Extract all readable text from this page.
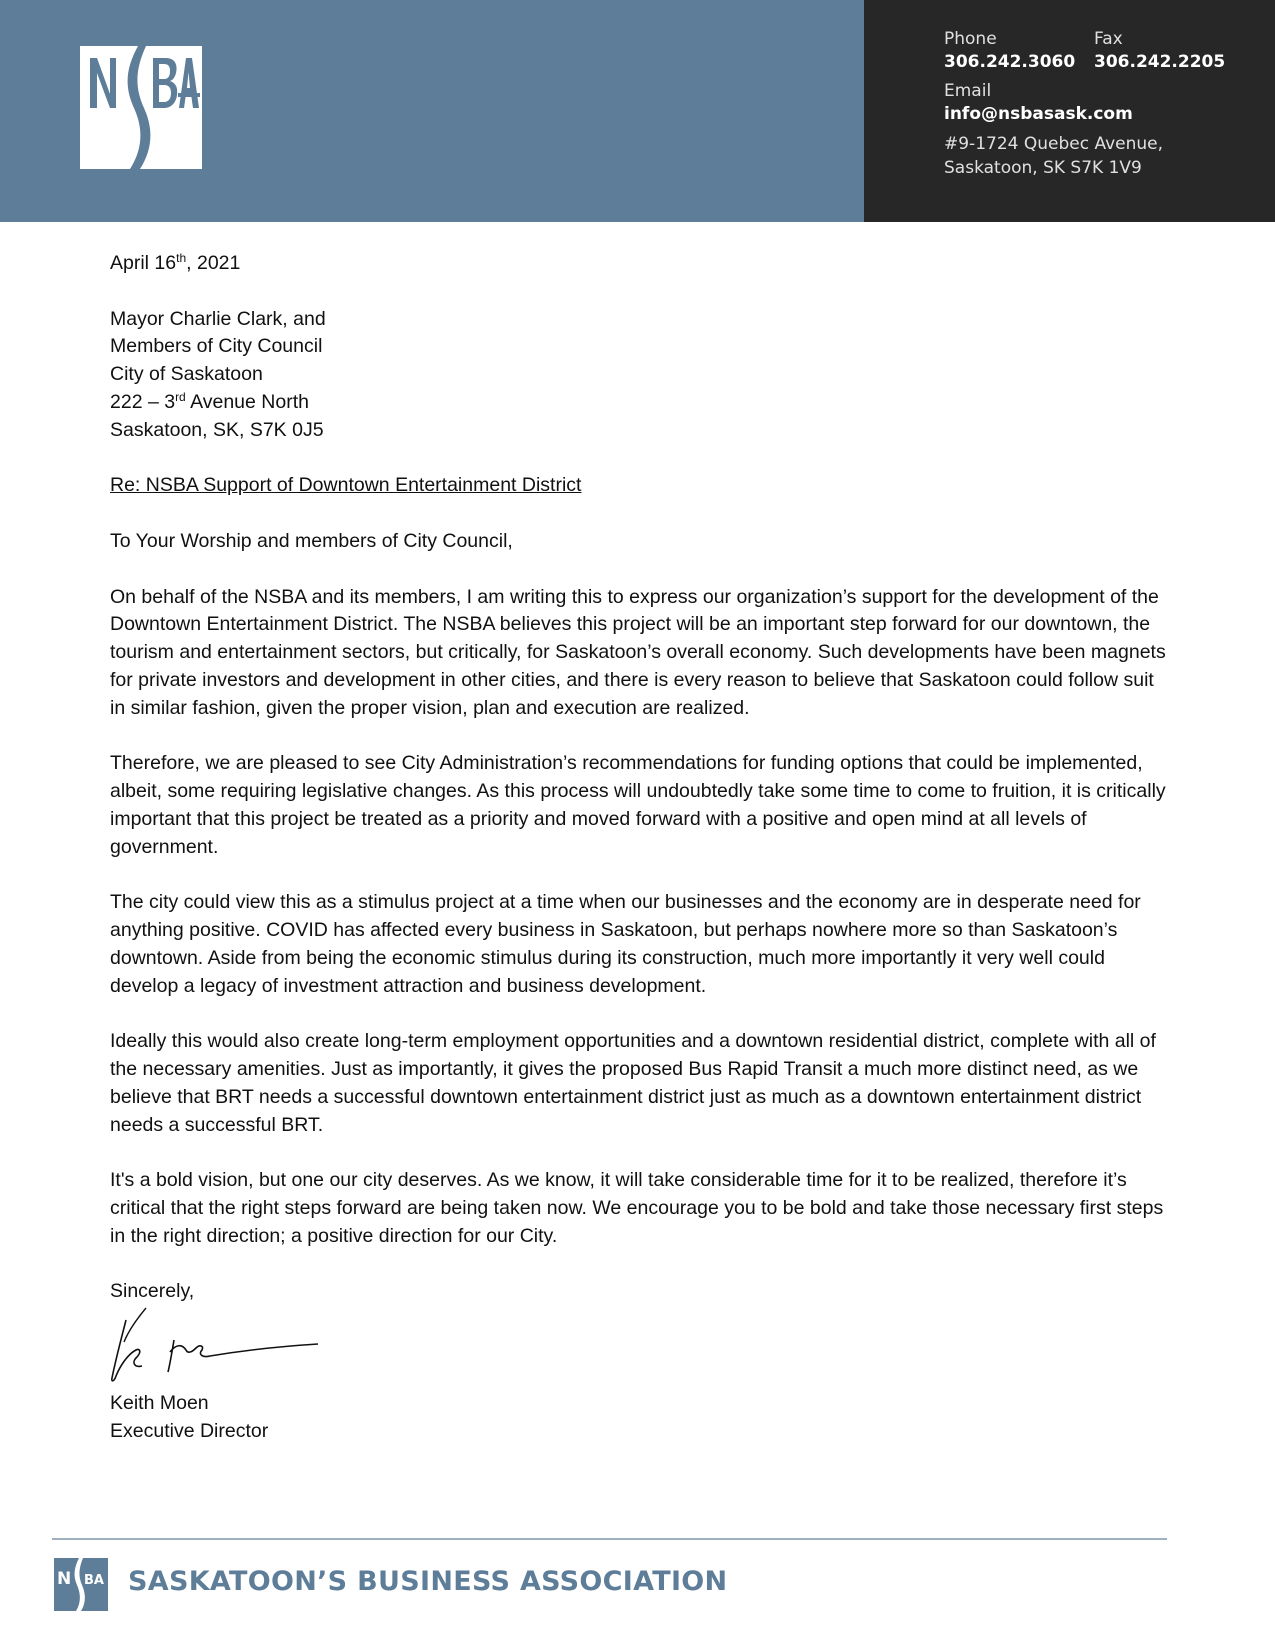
Phone
306.242.3060
Fax
306.242.2205
Email
info@nsbasask.com
#9-1724 Quebec Avenue,
Saskatoon, SK S7K 1V9

April 16th, 2021

Mayor Charlie Clark, and
Members of City Council
City of Saskatoon
222 – 3rd Avenue North
Saskatoon, SK, S7K 0J5

Re: NSBA Support of Downtown Entertainment District

To Your Worship and members of City Council,

On behalf of the NSBA and its members, I am writing this to express our organization’s support for the development of the Downtown Entertainment District. The NSBA believes this project will be an important step forward for our downtown, the tourism and entertainment sectors, but critically, for Saskatoon’s overall economy. Such developments have been magnets for private investors and development in other cities, and there is every reason to believe that Saskatoon could follow suit in similar fashion, given the proper vision, plan and execution are realized.

Therefore, we are pleased to see City Administration’s recommendations for funding options that could be implemented, albeit, some requiring legislative changes. As this process will undoubtedly take some time to come to fruition, it is critically important that this project be treated as a priority and moved forward with a positive and open mind at all levels of government.

The city could view this as a stimulus project at a time when our businesses and the economy are in desperate need for anything positive. COVID has affected every business in Saskatoon, but perhaps nowhere more so than Saskatoon’s downtown. Aside from being the economic stimulus during its construction, much more importantly it very well could develop a legacy of investment attraction and business development.

Ideally this would also create long-term employment opportunities and a downtown residential district, complete with all of the necessary amenities. Just as importantly, it gives the proposed Bus Rapid Transit a much more distinct need, as we believe that BRT needs a successful downtown entertainment district just as much as a downtown entertainment district needs a successful BRT.

It's a bold vision, but one our city deserves. As we know, it will take considerable time for it to be realized, therefore it’s critical that the right steps forward are being taken now. We encourage you to be bold and take those necessary first steps in the right direction; a positive direction for our City.

Sincerely,
Keith Moen
Executive Director
N BA SASKATOON’S BUSINESS ASSOCIATION
